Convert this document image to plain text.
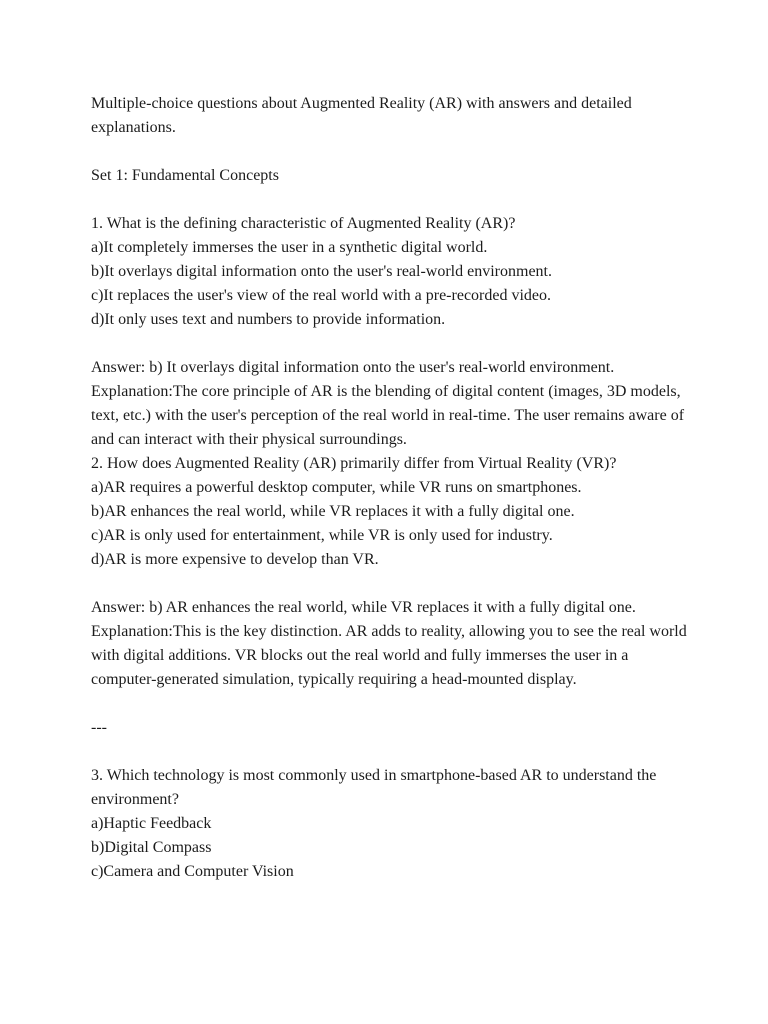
Multiple-choice questions about Augmented Reality (AR) with answers and detailed explanations.

Set 1: Fundamental Concepts

1. What is the defining characteristic of Augmented Reality (AR)?

a)It completely immerses the user in a synthetic digital world.

b)It overlays digital information onto the user's real-world environment.

c)It replaces the user's view of the real world with a pre-recorded video.

d)It only uses text and numbers to provide information.

Answer: b) It overlays digital information onto the user's real-world environment.

Explanation:The core principle of AR is the blending of digital content (images, 3D models, text, etc.) with the user's perception of the real world in real-time. The user remains aware of and can interact with their physical surroundings.

2. How does Augmented Reality (AR) primarily differ from Virtual Reality (VR)?

a)AR requires a powerful desktop computer, while VR runs on smartphones.

b)AR enhances the real world, while VR replaces it with a fully digital one.

c)AR is only used for entertainment, while VR is only used for industry.

d)AR is more expensive to develop than VR.

Answer: b) AR enhances the real world, while VR replaces it with a fully digital one.

Explanation:This is the key distinction. AR adds to reality, allowing you to see the real world with digital additions. VR blocks out the real world and fully immerses the user in a computer-generated simulation, typically requiring a head-mounted display.

---

3. Which technology is most commonly used in smartphone-based AR to understand the environment?

a)Haptic Feedback

b)Digital Compass

c)Camera and Computer Vision
